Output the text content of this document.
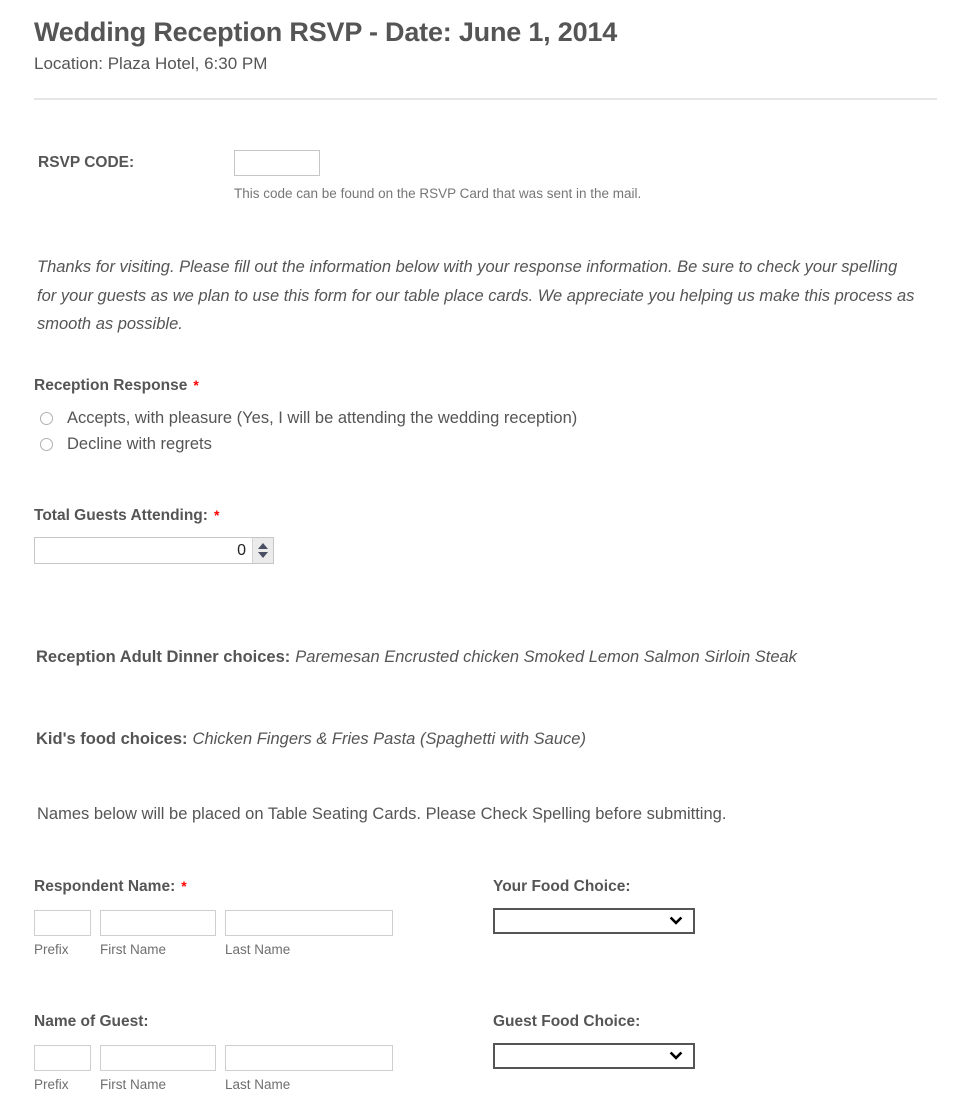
Wedding Reception RSVP - Date: June 1, 2014
Location: Plaza Hotel, 6:30 PM
RSVP CODE:
This code can be found on the RSVP Card that was sent in the mail.
Thanks for visiting. Please fill out the information below with your response information. Be sure to check your spelling for your guests as we plan to use this form for our table place cards. We appreciate you helping us make this process as smooth as possible.
Reception Response *
Accepts, with pleasure (Yes, I will be attending the wedding reception)
Decline with regrets
Total Guests Attending: *
0
Reception Adult Dinner choices: Paremesan Encrusted chicken Smoked Lemon Salmon Sirloin Steak
Kid's food choices: Chicken Fingers & Fries Pasta (Spaghetti with Sauce)
Names below will be placed on Table Seating Cards. Please Check Spelling before submitting.
Respondent Name: *
Prefix	First Name	Last Name
Your Food Choice:
Name of Guest:
Prefix	First Name	Last Name
Guest Food Choice:
